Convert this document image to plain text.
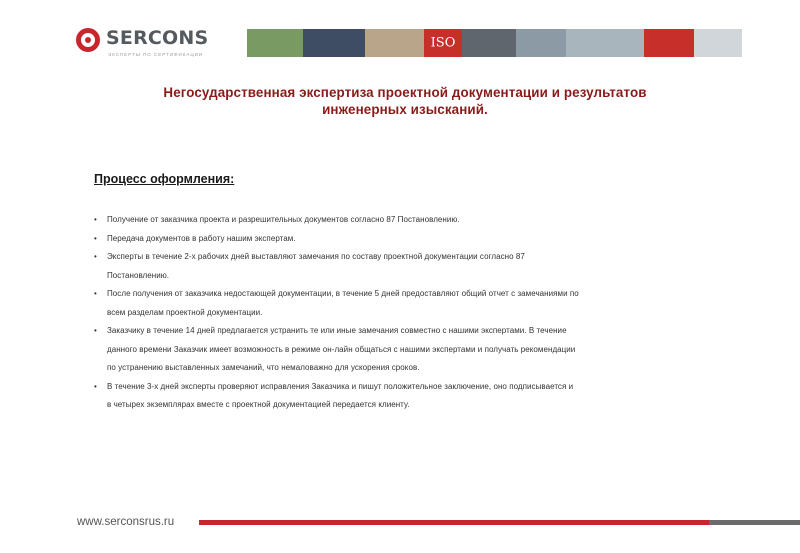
SERCONS
ЭКСПЕРТЫ ПО СЕРТИФИКАЦИИ
ISO
Негосударственная экспертиза проектной документации и результатов
инженерных изысканий.
Процесс оформления:
• Получение от заказчика проекта и разрешительных документов согласно 87 Постановлению.
• Передача документов в работу нашим экспертам.
• Эксперты в течение 2-х рабочих дней выставляют замечания по составу проектной документации согласно 87
Постановлению.
• После получения от заказчика недостающей документации, в течение 5 дней предоставляют общий отчет с замечаниями по
всем разделам проектной документации.
• Заказчику в течение 14 дней предлагается устранить те или иные замечания совместно с нашими экспертами. В течение
данного времени Заказчик имеет возможность в режиме он-лайн общаться с нашими экспертами и получать рекомендации
по устранению выставленных замечаний, что немаловажно для ускорения сроков.
• В течение 3-х дней эксперты проверяют исправления Заказчика и пишут положительное заключение, оно подписывается и
в четырех экземплярах вместе с проектной документацией передается клиенту.
www.serconsrus.ru
